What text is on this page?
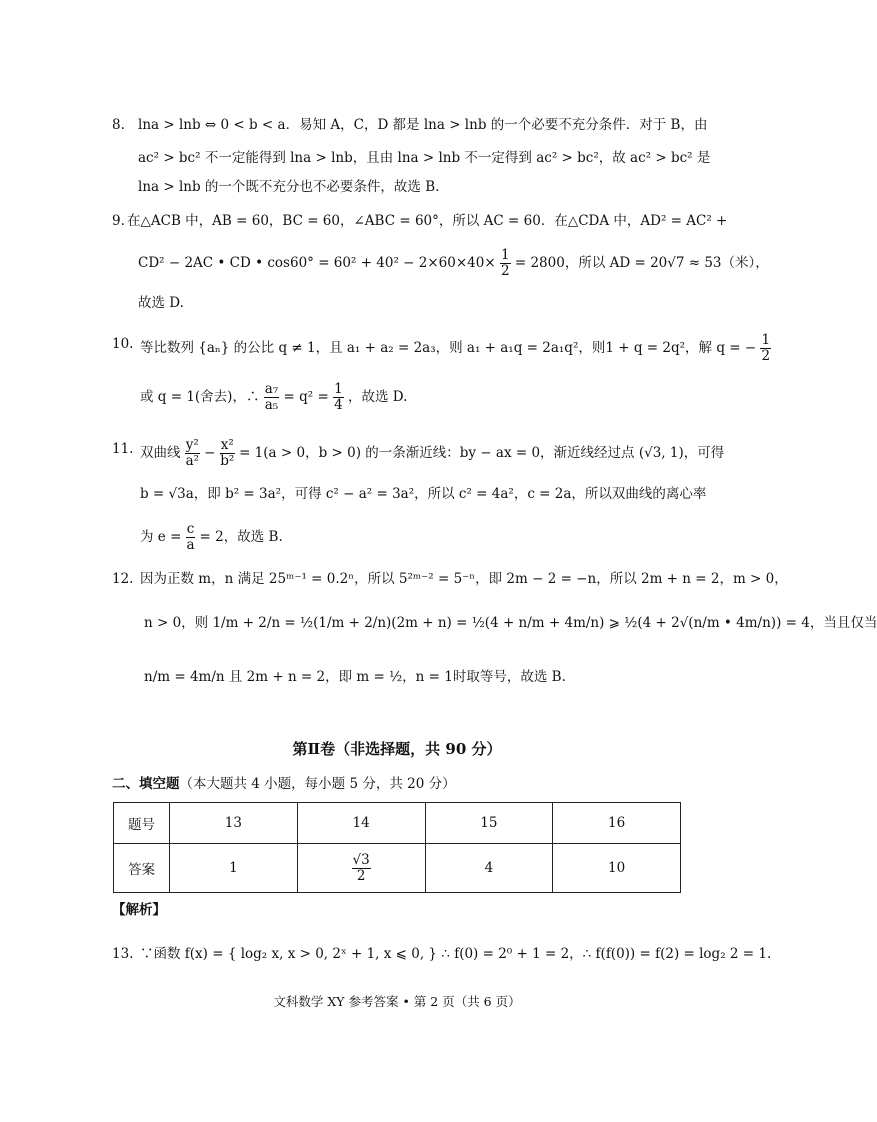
8. lna > lnb ⇔ 0 < b < a．易知 A，C，D 都是 lna > lnb 的一个必要不充分条件．对于 B，由
ac² > bc² 不一定能得到 lna > lnb，且由 lna > lnb 不一定得到 ac² > bc²，故 ac² > bc² 是
lna > lnb 的一个既不充分也不必要条件，故选 B.
9. 在△ACB 中，AB = 60，BC = 60，∠ABC = 60°，所以 AC = 60．在△CDA 中，AD² = AC² +
CD² − 2AC • CD • $\cos 60^\circ = 60^2 + 40^2 - 2\times 60\times 40\times \frac{1}{2} = 2800$，所以 AD = 20√7 ≈ 53（米），
故选 D.
10. 等比数列 {aₙ} 的公比 q ≠ 1，且 a₁ + a₂ = 2a₃，则 a₁ + a₁q = 2a₁q²，则1 + q = 2q²，解 q = − $\frac{1}{2}$
或 q = 1(舍去)，∴ $\frac{\text{a₇}}{\text{a₅}} = q^2 = \frac{1}{4}$ ，故选 D.
11. 双曲线 $\frac{\text{y²}}{\text{a²}} - \frac{\text{x²}}{\text{b²}} = 1(a > 0$，b > 0) 的一条渐近线：by − ax = 0，渐近线经过点 (√3, 1)，可得
b = √3a，即 b² = 3a²，可得 c² − a² = 3a²，所以 c² = 4a²，c = 2a，所以双曲线的离心率
为 $e = \frac{c}{a} = 2$，故选 B.
12. 因为正数 m，n 满足 25ᵐ⁻¹ = 0.2ⁿ，所以 5²ᵐ⁻² = 5⁻ⁿ，即 2m − 2 = −n，所以 2m + n = 2，m > 0，
n > 0，则 1/m + 2/n = ½(1/m + 2/n)(2m + n) = ½(4 + n/m + 4m/n) ⩾ ½(4 + 2√(n/m • 4m/n)) = 4，当且仅当
n/m = 4m/n 且 2m + n = 2，即 m = ½，n = 1时取等号，故选 B.
第Ⅱ卷（非选择题，共 90 分）
二、填空题（本大题共 4 小题，每小题 5 分，共 20 分）
题号	13	14	15	16
答案	1	$\frac{√3}{2}$	4	10
【解析】
13. ∵函数 f(x) = { log₂ x, x > 0, 2ˣ + 1, x ⩽ 0, } ∴ f(0) = 2⁰ + 1 = 2，∴ f(f(0)) = f(2) = log₂ 2 = 1.
文科数学 XY 参考答案 • 第 2 页（共 6 页）
